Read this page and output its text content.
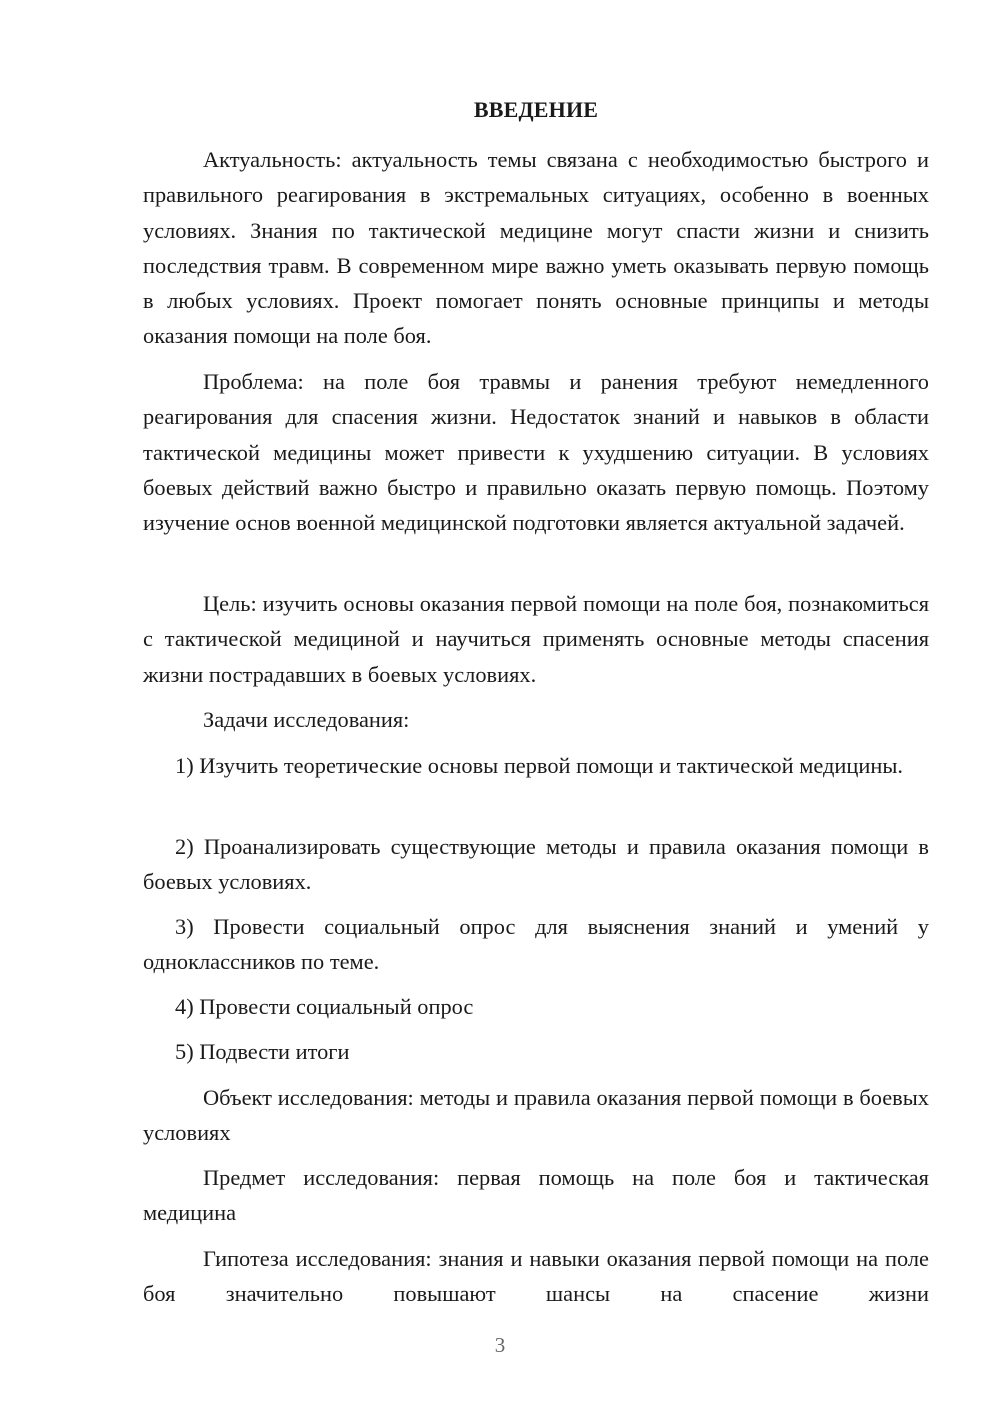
ВВЕДЕНИЕ

Актуальность: актуальность темы связана с необходимостью быстрого и правильного реагирования в экстремальных ситуациях, особенно в военных условиях. Знания по тактической медицине могут спасти жизни и снизить последствия травм. В современном мире важно уметь оказывать первую помощь в любых условиях. Проект помогает понять основные принципы и методы оказания помощи на поле боя.

Проблема: на поле боя травмы и ранения требуют немедленного реагирования для спасения жизни. Недостаток знаний и навыков в области тактической медицины может привести к ухудшению ситуации. В условиях боевых действий важно быстро и правильно оказать первую помощь. Поэтому изучение основ военной медицинской подготовки является актуальной задачей.

Цель: изучить основы оказания первой помощи на поле боя, познакомиться с тактической медициной и научиться применять основные методы спасения жизни пострадавших в боевых условиях.

Задачи исследования:

1) Изучить теоретические основы первой помощи и тактической медицины.

2) Проанализировать существующие методы и правила оказания помощи в боевых условиях.

3) Провести социальный опрос для выяснения знаний и умений у одноклассников по теме.

4) Провести социальный опрос

5) Подвести итоги

Объект исследования: методы и правила оказания первой помощи в боевых условиях

Предмет исследования: первая помощь на поле боя и тактическая медицина

Гипотеза исследования: знания и навыки оказания первой помощи на поле боя значительно повышают шансы на спасение жизни

3
